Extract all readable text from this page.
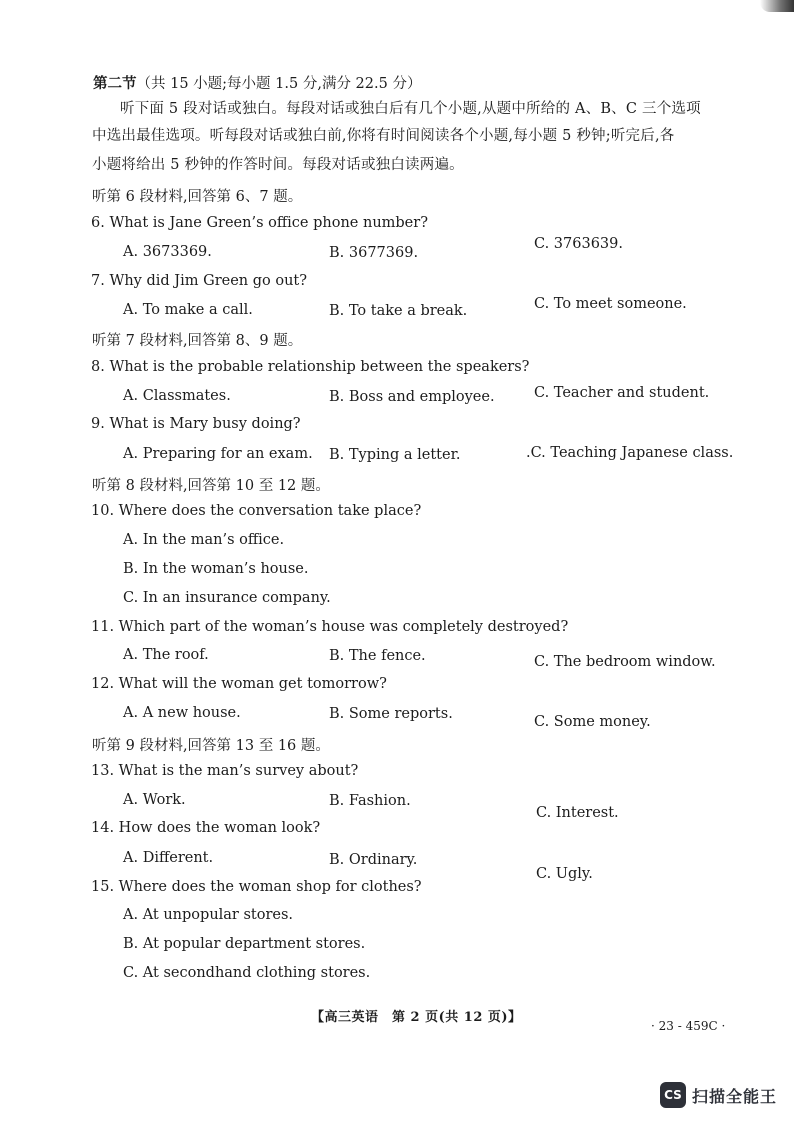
第二节（共 15 小题;每小题 1.5 分,满分 22.5 分）
听下面 5 段对话或独白。每段对话或独白后有几个小题,从题中所给的 A、B、C 三个选项
中选出最佳选项。听每段对话或独白前,你将有时间阅读各个小题,每小题 5 秒钟;听完后,各
小题将给出 5 秒钟的作答时间。每段对话或独白读两遍。
听第 6 段材料,回答第 6、7 题。
6. What is Jane Green’s office phone number?
A. 3673369.	B. 3677369.
C. 3763639.
7. Why did Jim Green go out?
A. To make a call.	B. To take a break.	C. To meet someone.
听第 7 段材料,回答第 8、9 题。
8. What is the probable relationship between the speakers?
A. Classmates.	B. Boss and employee.	C. Teacher and student.
9. What is Mary busy doing?
A. Preparing for an exam. B. Typing a letter.	.C. Teaching Japanese class.
听第 8 段材料,回答第 10 至 12 题。
10. Where does the conversation take place?
A. In the man’s office.
B. In the woman’s house.
C. In an insurance company.
11. Which part of the woman’s house was completely destroyed?
A. The roof.	B. The fence.	C. The bedroom window.
12. What will the woman get tomorrow?
A. A new house.	B. Some reports.	C. Some money.
听第 9 段材料,回答第 13 至 16 题。
13. What is the man’s survey about?
A. Work.	B. Fashion.
C. Interest.
14. How does the woman look?
A. Different.	B. Ordinary.
C. Ugly.
15. Where does the woman shop for clothes?
A. At unpopular stores.
B. At popular department stores.
C. At secondhand clothing stores.
【高三英语　第 2 页(共 12 页)】
· 23 - 459C ·
CS 扫描全能王
